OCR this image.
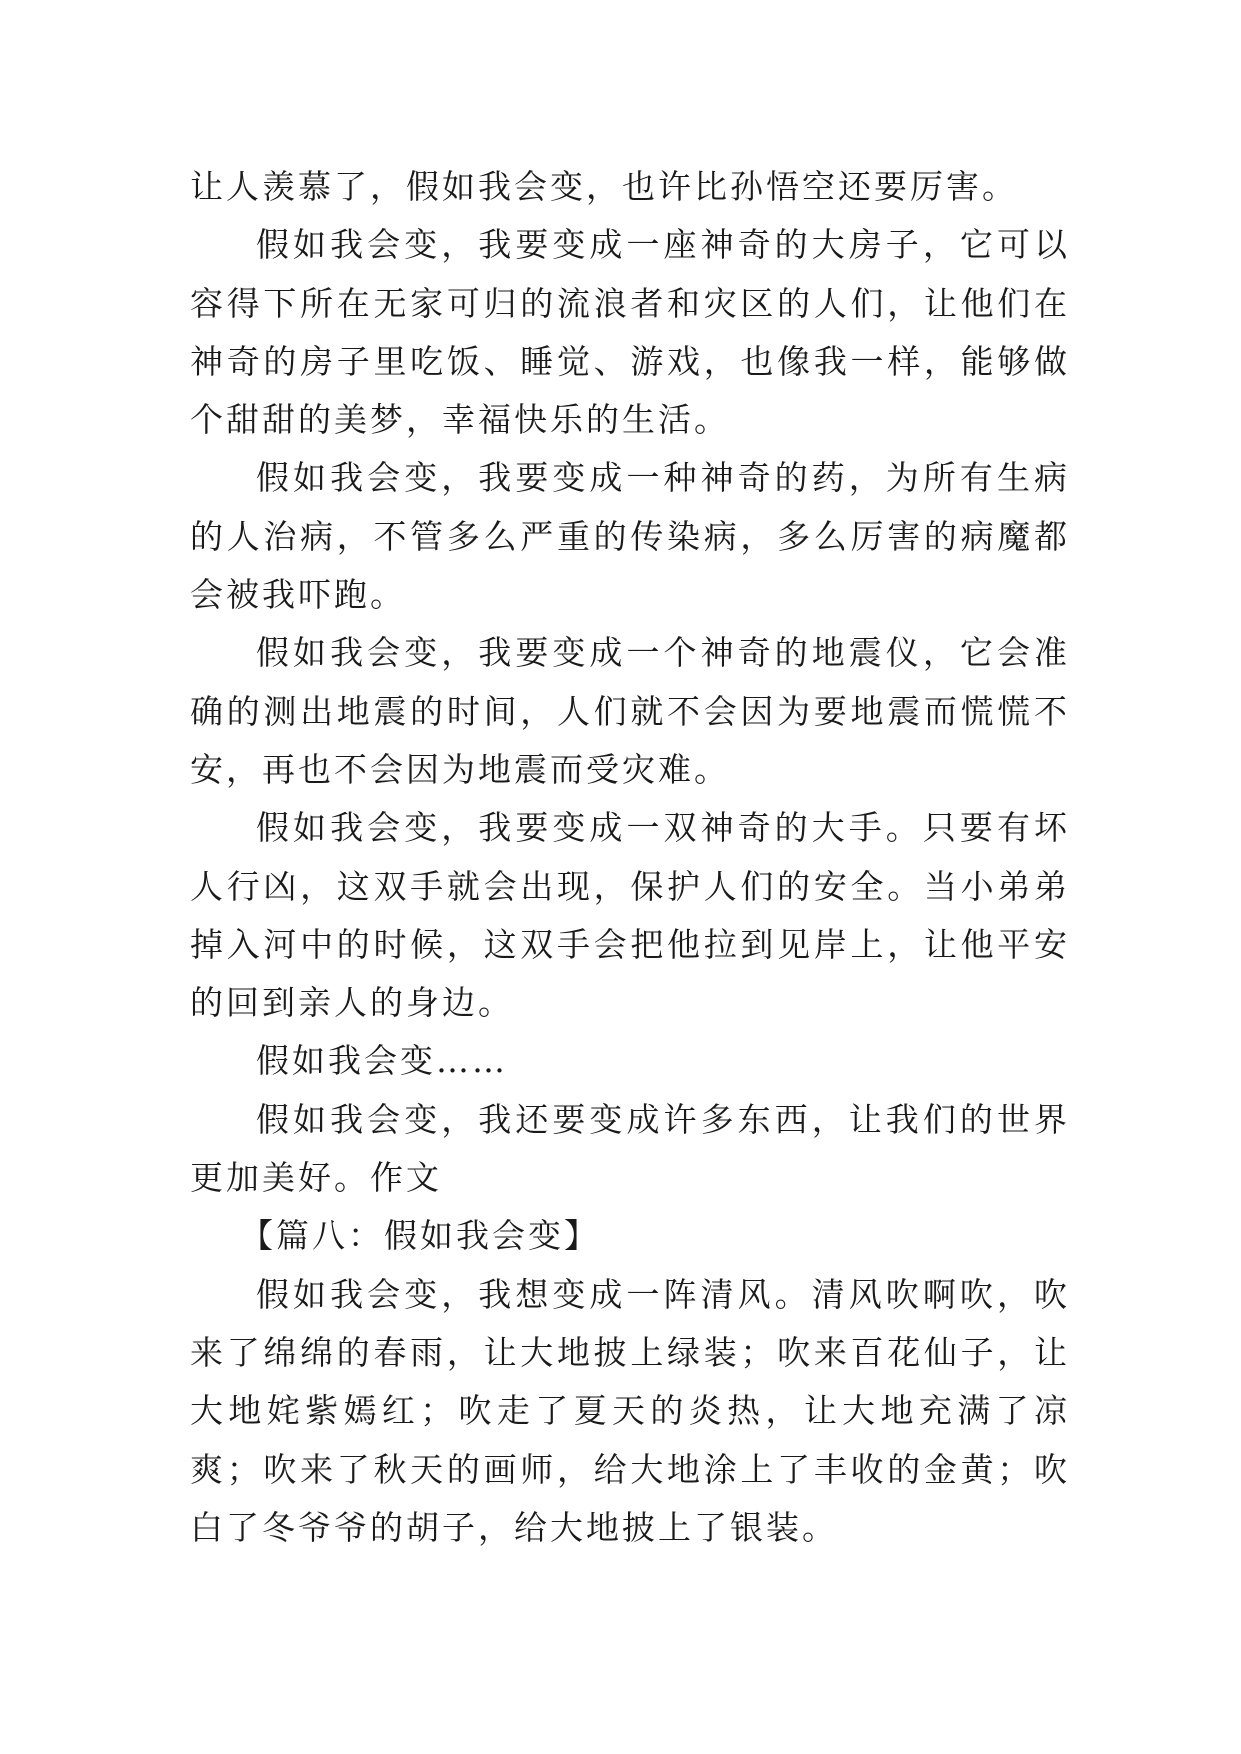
让人羡慕了，假如我会变，也许比孙悟空还要厉害。

假如我会变，我要变成一座神奇的大房子，它可以容得下所在无家可归的流浪者和灾区的人们，让他们在神奇的房子里吃饭、睡觉、游戏，也像我一样，能够做个甜甜的美梦，幸福快乐的生活。

假如我会变，我要变成一种神奇的药，为所有生病的人治病，不管多么严重的传染病，多么厉害的病魔都会被我吓跑。

假如我会变，我要变成一个神奇的地震仪，它会准确的测出地震的时间，人们就不会因为要地震而慌慌不安，再也不会因为地震而受灾难。

假如我会变，我要变成一双神奇的大手。只要有坏人行凶，这双手就会出现，保护人们的安全。当小弟弟掉入河中的时候，这双手会把他拉到见岸上，让他平安的回到亲人的身边。

假如我会变……

假如我会变，我还要变成许多东西，让我们的世界更加美好。作文

【篇八：假如我会变】

假如我会变，我想变成一阵清风。清风吹啊吹，吹来了绵绵的春雨，让大地披上绿装；吹来百花仙子，让大地姹紫嫣红；吹走了夏天的炎热，让大地充满了凉爽；吹来了秋天的画师，给大地涂上了丰收的金黄；吹白了冬爷爷的胡子，给大地披上了银装。
